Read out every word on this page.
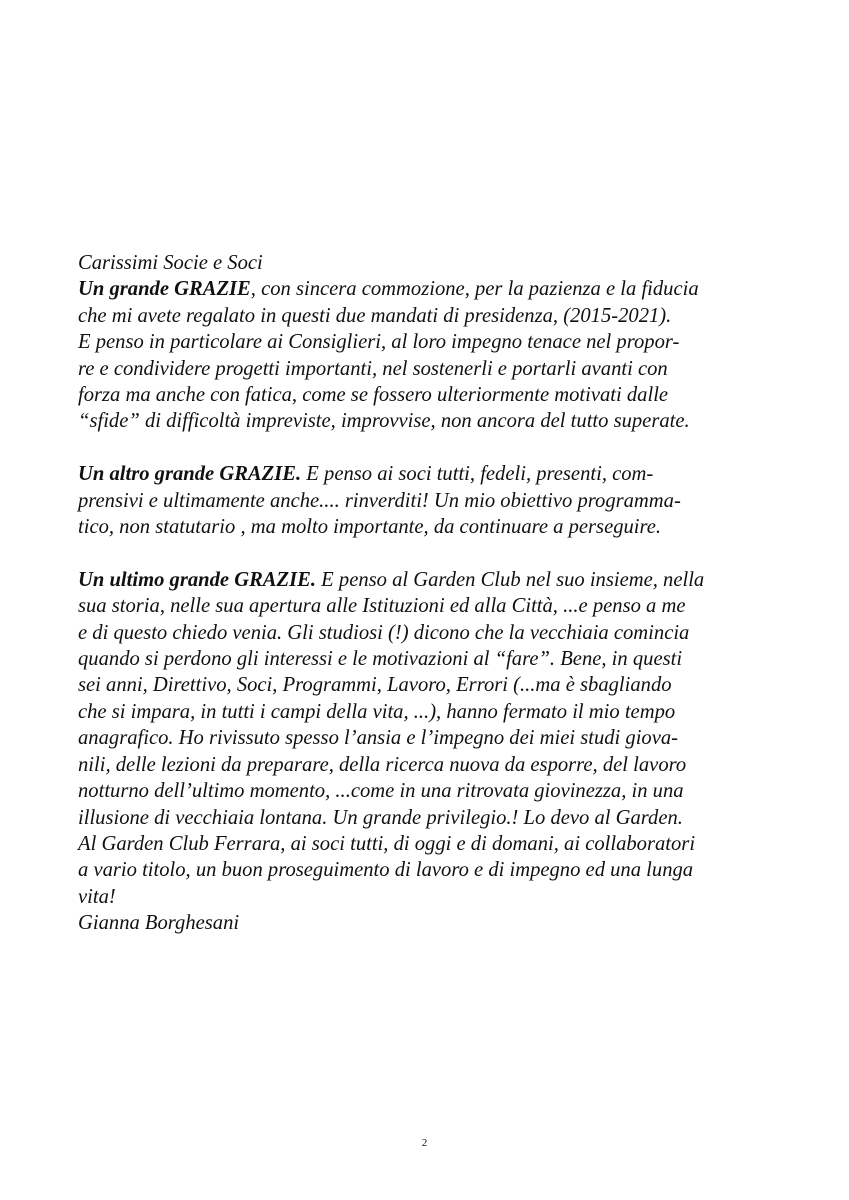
Carissimi Socie e Soci
Un grande GRAZIE, con sincera commozione, per la pazienza e la fiducia
che mi avete regalato in questi due mandati di presidenza, (2015-2021).
E penso in particolare ai Consiglieri, al loro impegno tenace nel propor-
re e condividere progetti importanti, nel sostenerli e portarli avanti con
forza ma anche con fatica, come se fossero ulteriormente motivati dalle
“sfide” di difficoltà impreviste, improvvise, non ancora del tutto superate.
Un altro grande GRAZIE. E penso ai soci tutti, fedeli, presenti, com-
prensivi e ultimamente anche.... rinverditi! Un mio obiettivo programma-
tico, non statutario , ma molto importante, da continuare a perseguire.
Un ultimo grande GRAZIE. E penso al Garden Club nel suo insieme, nella
sua storia, nelle sua apertura alle Istituzioni ed alla Città, ...e penso a me
e di questo chiedo venia. Gli studiosi (!) dicono che la vecchiaia comincia
quando si perdono gli interessi e le motivazioni al “fare”. Bene, in questi
sei anni, Direttivo, Soci, Programmi, Lavoro, Errori (...ma è sbagliando
che si impara, in tutti i campi della vita, ...), hanno fermato il mio tempo
anagrafico. Ho rivissuto spesso l’ansia e l’impegno dei miei studi giova-
nili, delle lezioni da preparare, della ricerca nuova da esporre, del lavoro
notturno dell’ultimo momento, ...come in una ritrovata giovinezza, in una
illusione di vecchiaia lontana. Un grande privilegio.! Lo devo al Garden.
Al Garden Club Ferrara, ai soci tutti, di oggi e di domani, ai collaboratori
a vario titolo, un buon proseguimento di lavoro e di impegno ed una lunga
vita!
Gianna Borghesani
2
